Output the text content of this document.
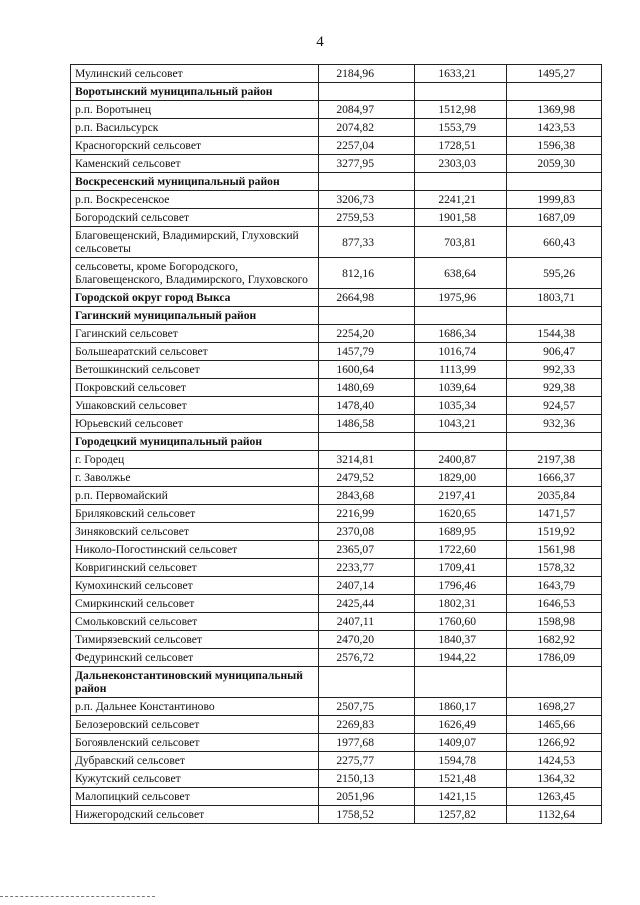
4
Мулинский сельсовет	2184,96	1633,21	1495,27
Воротынский муниципальный район			
р.п. Воротынец	2084,97	1512,98	1369,98
р.п. Васильсурск	2074,82	1553,79	1423,53
Красногорский сельсовет	2257,04	1728,51	1596,38
Каменский сельсовет	3277,95	2303,03	2059,30
Воскресенский муниципальный район			
р.п. Воскресенское	3206,73	2241,21	1999,83
Богородский сельсовет	2759,53	1901,58	1687,09
Благовещенский, Владимирский, Глуховский сельсоветы	877,33	703,81	660,43
сельсоветы, кроме Богородского, Благовещенского, Владимирского, Глуховского	812,16	638,64	595,26
Городской округ город Выкса	2664,98	1975,96	1803,71
Гагинский муниципальный район			
Гагинский сельсовет	2254,20	1686,34	1544,38
Большеаратский сельсовет	1457,79	1016,74	906,47
Ветошкинский сельсовет	1600,64	1113,99	992,33
Покровский сельсовет	1480,69	1039,64	929,38
Ушаковский сельсовет	1478,40	1035,34	924,57
Юрьевский сельсовет	1486,58	1043,21	932,36
Городецкий муниципальный район			
г. Городец	3214,81	2400,87	2197,38
г. Заволжье	2479,52	1829,00	1666,37
р.п. Первомайский	2843,68	2197,41	2035,84
Бриляковский сельсовет	2216,99	1620,65	1471,57
Зиняковский сельсовет	2370,08	1689,95	1519,92
Николо-Погостинский сельсовет	2365,07	1722,60	1561,98
Ковригинский сельсовет	2233,77	1709,41	1578,32
Кумохинский сельсовет	2407,14	1796,46	1643,79
Смиркинский сельсовет	2425,44	1802,31	1646,53
Смольковский сельсовет	2407,11	1760,60	1598,98
Тимирязевский сельсовет	2470,20	1840,37	1682,92
Федуринский сельсовет	2576,72	1944,22	1786,09
Дальнеконстантиновский муниципальный район			
р.п. Дальнее Константиново	2507,75	1860,17	1698,27
Белозеровский сельсовет	2269,83	1626,49	1465,66
Богоявленский сельсовет	1977,68	1409,07	1266,92
Дубравский сельсовет	2275,77	1594,78	1424,53
Кужутский сельсовет	2150,13	1521,48	1364,32
Малопицкий сельсовет	2051,96	1421,15	1263,45
Нижегородский сельсовет	1758,52	1257,82	1132,64
